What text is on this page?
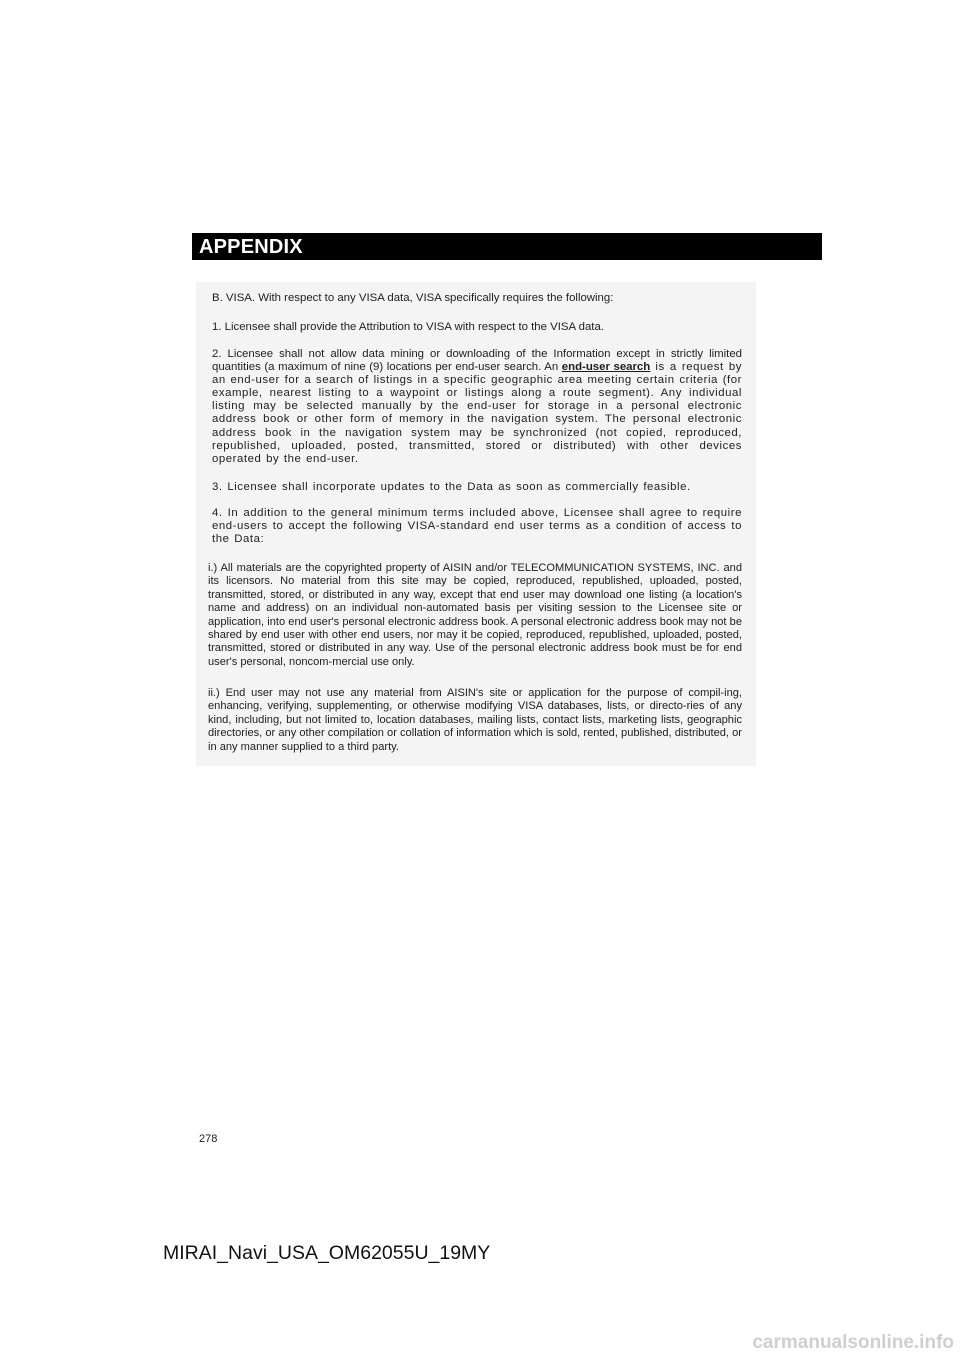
APPENDIX

B. VISA. With respect to any VISA data, VISA specifically requires the following:

1. Licensee shall provide the Attribution to VISA with respect to the VISA data.

2. Licensee shall not allow data mining or downloading of the Information except in strictly limited quantities (a maximum of nine (9) locations per end-user search. An end-user search is a request by an end-user for a search of listings in a specific geographic area meeting certain criteria (for example, nearest listing to a waypoint or listings along a route segment). Any individual listing may be selected manually by the end-user for storage in a personal electronic address book or other form of memory in the navigation system. The personal electronic address book in the navigation system may be synchronized (not copied, reproduced, republished, uploaded, posted, transmitted, stored or distributed) with other devices operated by the end-user.

3. Licensee shall incorporate updates to the Data as soon as commercially feasible.

4. In addition to the general minimum terms included above, Licensee shall agree to require end-users to accept the following VISA-standard end user terms as a condition of access to the Data:

i.) All materials are the copyrighted property of AISIN and/or TELECOMMUNICATION SYSTEMS, INC. and its licensors. No material from this site may be copied, reproduced, republished, uploaded, posted, transmitted, stored, or distributed in any way, except that end user may download one listing (a location's name and address) on an individual non-automated basis per visiting session to the Licensee site or application, into end user's personal electronic address book. A personal electronic address book may not be shared by end user with other end users, nor may it be copied, reproduced, republished, uploaded, posted, transmitted, stored or distributed in any way. Use of the personal electronic address book must be for end user's personal, noncom-mercial use only.

ii.) End user may not use any material from AISIN's site or application for the purpose of compil-ing, enhancing, verifying, supplementing, or otherwise modifying VISA databases, lists, or directo-ries of any kind, including, but not limited to, location databases, mailing lists, contact lists, marketing lists, geographic directories, or any other compilation or collation of information which is sold, rented, published, distributed, or in any manner supplied to a third party.

278
MIRAI_Navi_USA_OM62055U_19MY
carmanualsonline.info
